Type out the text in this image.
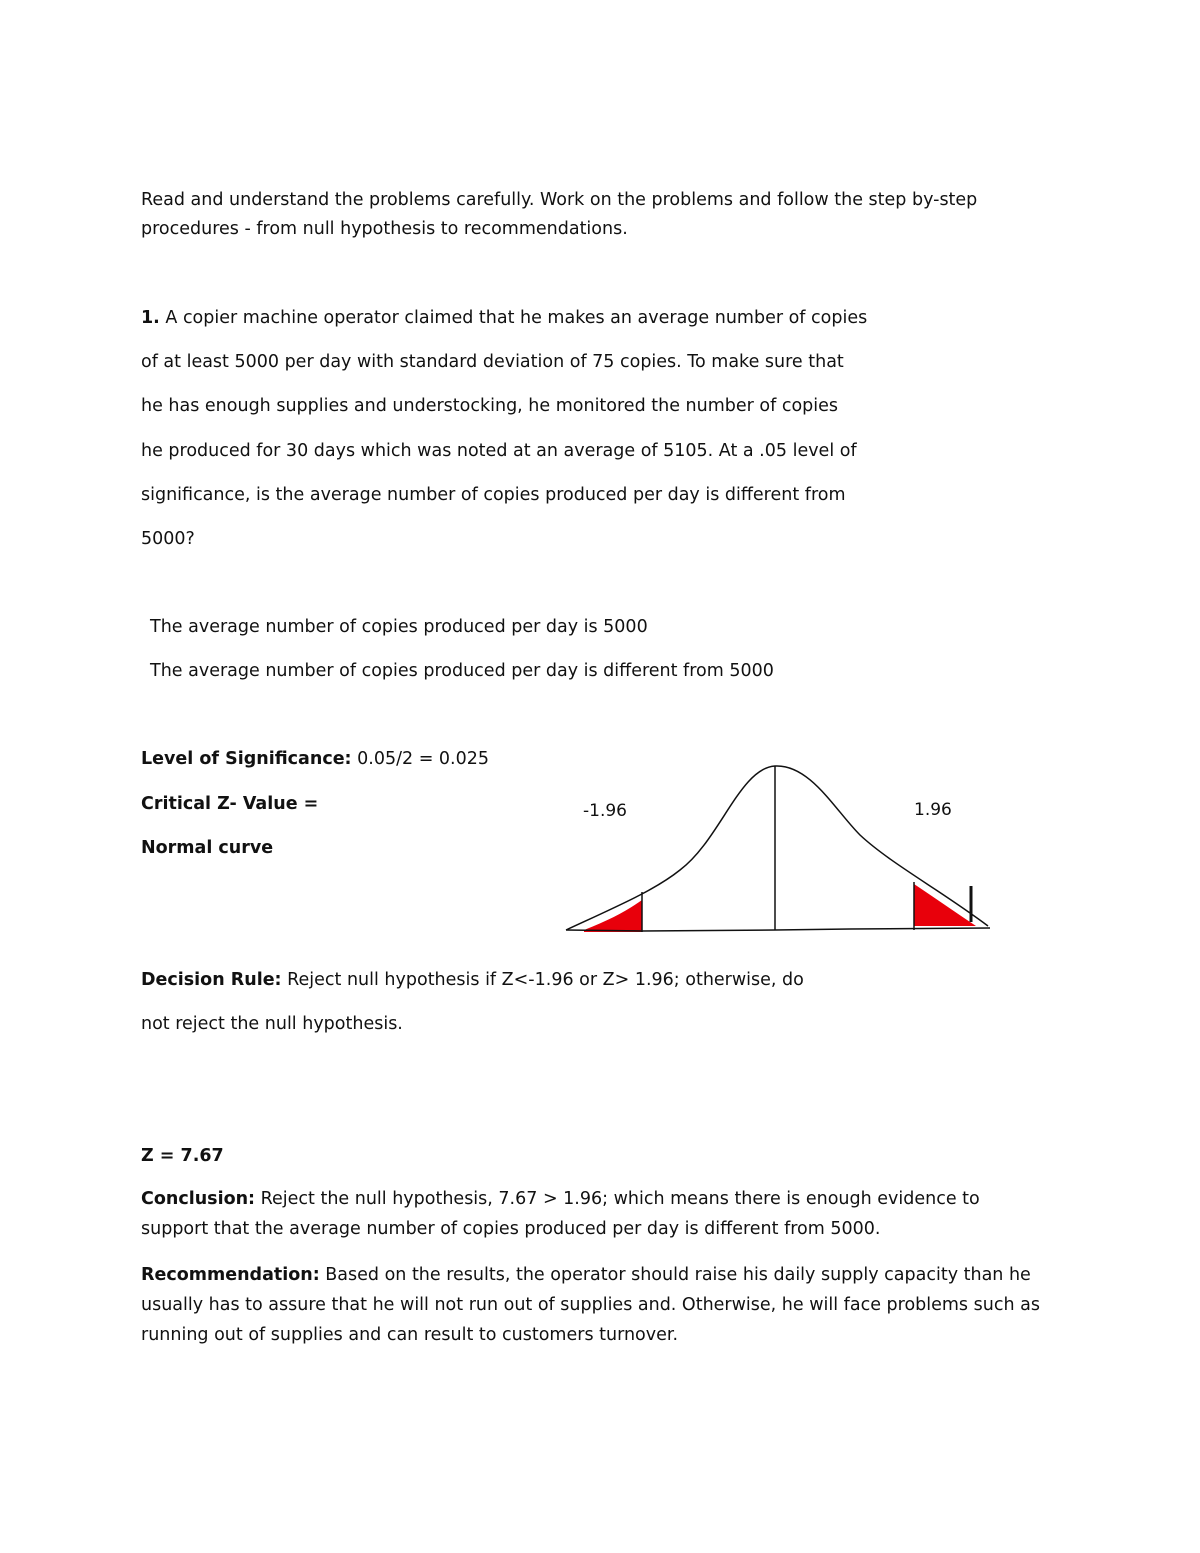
Read and understand the problems carefully. Work on the problems and follow the step by-step
procedures - from null hypothesis to recommendations.
1. A copier machine operator claimed that he makes an average number of copies
of at least 5000 per day with standard deviation of 75 copies. To make sure that
he has enough supplies and understocking, he monitored the number of copies
he produced for 30 days which was noted at an average of 5105. At a .05 level of
significance, is the average number of copies produced per day is different from
5000?
The average number of copies produced per day is 5000
The average number of copies produced per day is different from 5000
Level of Significance: 0.05/2 = 0.025
Critical Z- Value =
Normal curve
-1.96	1.96
Decision Rule: Reject null hypothesis if Z<-1.96 or Z> 1.96; otherwise, do
not reject the null hypothesis.
Z = 7.67
Conclusion: Reject the null hypothesis, 7.67 > 1.96; which means there is enough evidence to support that the average number of copies produced per day is different from 5000.
Recommendation: Based on the results, the operator should raise his daily supply capacity than he usually has to assure that he will not run out of supplies and. Otherwise, he will face problems such as running out of supplies and can result to customers turnover.
